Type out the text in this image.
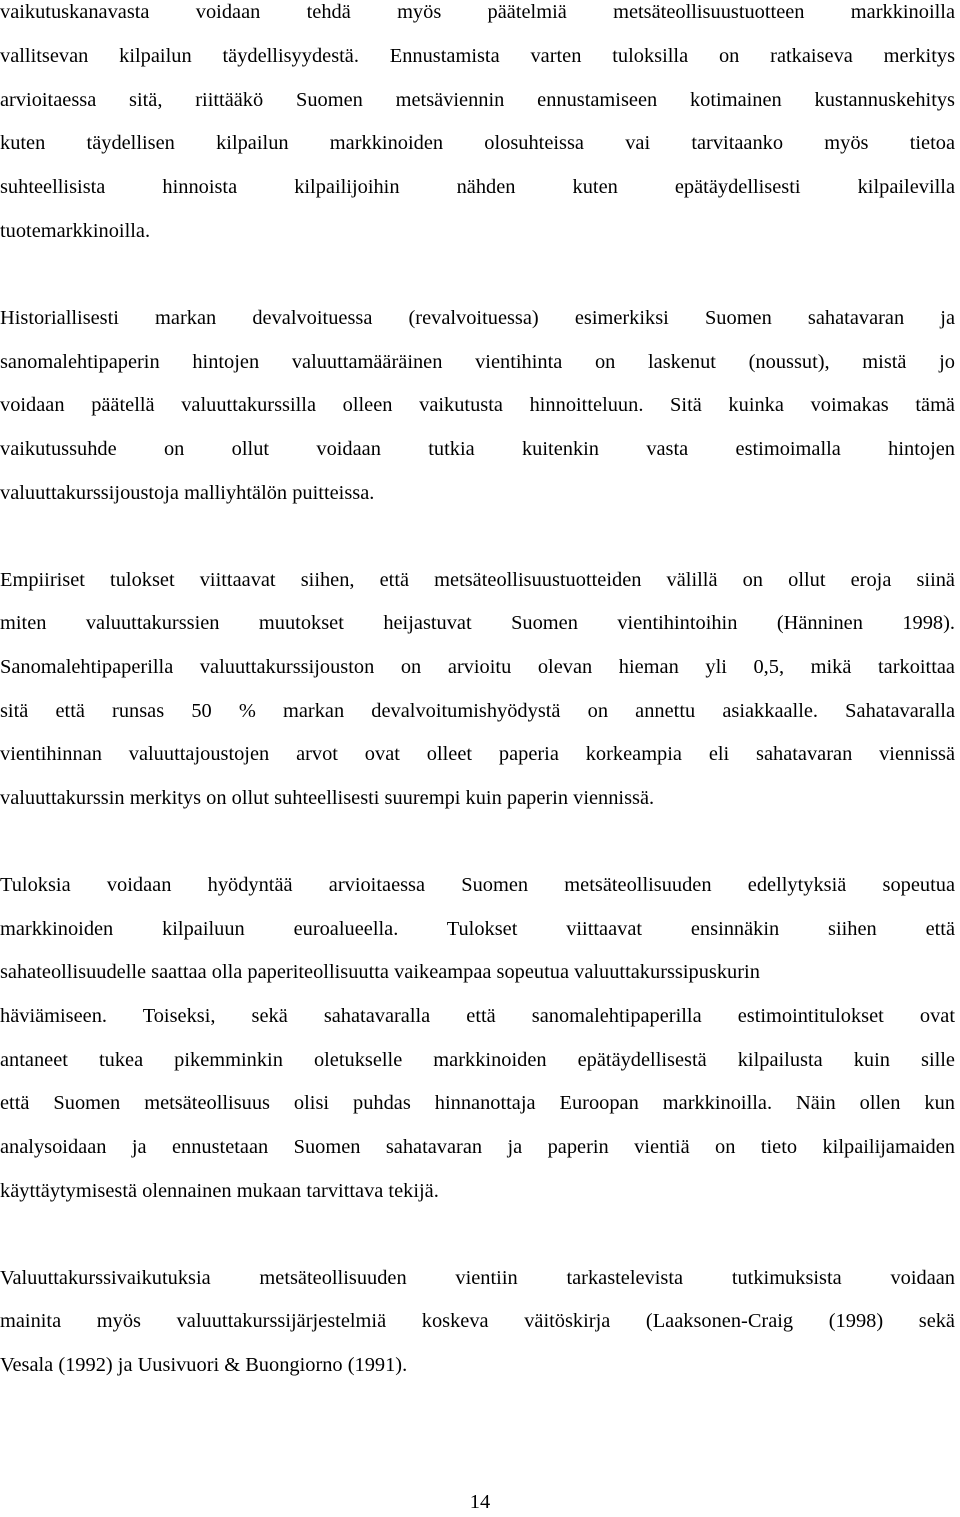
vaikutuskanavasta voidaan tehdä myös päätelmiä metsäteollisuustuotteen markkinoilla
vallitsevan kilpailun täydellisyydestä. Ennustamista varten tuloksilla on ratkaiseva merkitys
arvioitaessa sitä, riittääkö Suomen metsäviennin ennustamiseen kotimainen kustannuskehitys
kuten täydellisen kilpailun markkinoiden olosuhteissa vai tarvitaanko myös tietoa
suhteellisista hinnoista kilpailijoihin nähden kuten epätäydellisesti kilpailevilla
tuotemarkkinoilla.
Historiallisesti markan devalvoituessa (revalvoituessa) esimerkiksi Suomen sahatavaran ja
sanomalehtipaperin hintojen valuuttamääräinen vientihinta on laskenut (noussut), mistä jo
voidaan päätellä valuuttakurssilla olleen vaikutusta hinnoitteluun. Sitä kuinka voimakas tämä
vaikutussuhde on ollut voidaan tutkia kuitenkin vasta estimoimalla hintojen
valuuttakurssijoustoja malliyhtälön puitteissa.
Empiiriset tulokset viittaavat siihen, että metsäteollisuustuotteiden välillä on ollut eroja siinä
miten valuuttakurssien muutokset heijastuvat Suomen vientihintoihin (Hänninen 1998).
Sanomalehtipaperilla valuuttakurssijouston on arvioitu olevan hieman yli 0,5, mikä tarkoittaa
sitä että runsas 50 % markan devalvoitumishyödystä on annettu asiakkaalle. Sahatavaralla
vientihinnan valuuttajoustojen arvot ovat olleet paperia korkeampia eli sahatavaran viennissä
valuuttakurssin merkitys on ollut suhteellisesti suurempi kuin paperin viennissä.
Tuloksia voidaan hyödyntää arvioitaessa Suomen metsäteollisuuden edellytyksiä sopeutua
markkinoiden kilpailuun euroalueella. Tulokset viittaavat ensinnäkin siihen että
sahateollisuudelle saattaa olla paperiteollisuutta vaikeampaa sopeutua valuuttakurssipuskurin
häviämiseen. Toiseksi, sekä sahatavaralla että sanomalehtipaperilla estimointitulokset ovat
antaneet tukea pikemminkin oletukselle markkinoiden epätäydellisestä kilpailusta kuin sille
että Suomen metsäteollisuus olisi puhdas hinnanottaja Euroopan markkinoilla. Näin ollen kun
analysoidaan ja ennustetaan Suomen sahatavaran ja paperin vientiä on tieto kilpailijamaiden
käyttäytymisestä olennainen mukaan tarvittava tekijä.
Valuuttakurssivaikutuksia metsäteollisuuden vientiin tarkastelevista tutkimuksista voidaan
mainita myös valuuttakurssijärjestelmiä koskeva väitöskirja (Laaksonen-Craig (1998) sekä
Vesala (1992) ja Uusivuori & Buongiorno (1991).
14
